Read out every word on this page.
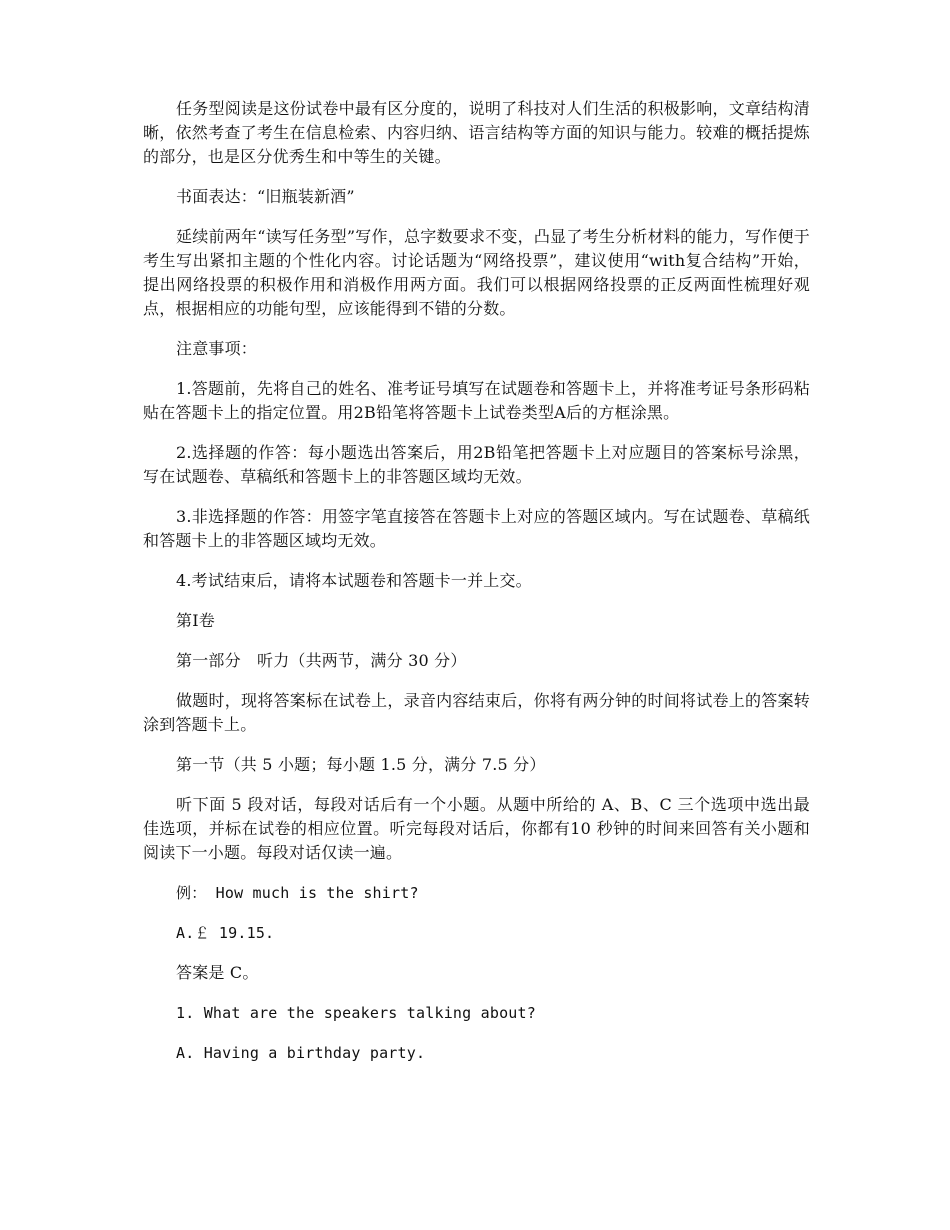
任务型阅读是这份试卷中最有区分度的，说明了科技对人们生活的积极影响，文章结构清晰，依然考查了考生在信息检索、内容归纳、语言结构等方面的知识与能力。较难的概括提炼的部分，也是区分优秀生和中等生的关键。

书面表达：“旧瓶装新酒”

延续前两年“读写任务型”写作，总字数要求不变，凸显了考生分析材料的能力，写作便于考生写出紧扣主题的个性化内容。讨论话题为“网络投票”，建议使用“with复合结构”开始，提出网络投票的积极作用和消极作用两方面。我们可以根据网络投票的正反两面性梳理好观点，根据相应的功能句型，应该能得到不错的分数。

注意事项：

1.答题前，先将自己的姓名、准考证号填写在试题卷和答题卡上，并将准考证号条形码粘贴在答题卡上的指定位置。用2B铅笔将答题卡上试卷类型A后的方框涂黑。

2.选择题的作答：每小题选出答案后，用2B铅笔把答题卡上对应题目的答案标号涂黑，写在试题卷、草稿纸和答题卡上的非答题区域均无效。

3.非选择题的作答：用签字笔直接答在答题卡上对应的答题区域内。写在试题卷、草稿纸和答题卡上的非答题区域均无效。

4.考试结束后，请将本试题卷和答题卡一并上交。

第Ⅰ卷

第一部分　听力（共两节，满分 30 分）

做题时，现将答案标在试卷上，录音内容结束后，你将有两分钟的时间将试卷上的答案转涂到答题卡上。

第一节（共 5 小题；每小题 1.5 分，满分 7.5 分）

听下面 5 段对话，每段对话后有一个小题。从题中所给的 A、B、C 三个选项中选出最佳选项，并标在试卷的相应位置。听完每段对话后，你都有10 秒钟的时间来回答有关小题和阅读下一小题。每段对话仅读一遍。

例： How much is the shirt?

A.￡ 19.15.

答案是 C。

1. What are the speakers talking about?

A. Having a birthday party.
